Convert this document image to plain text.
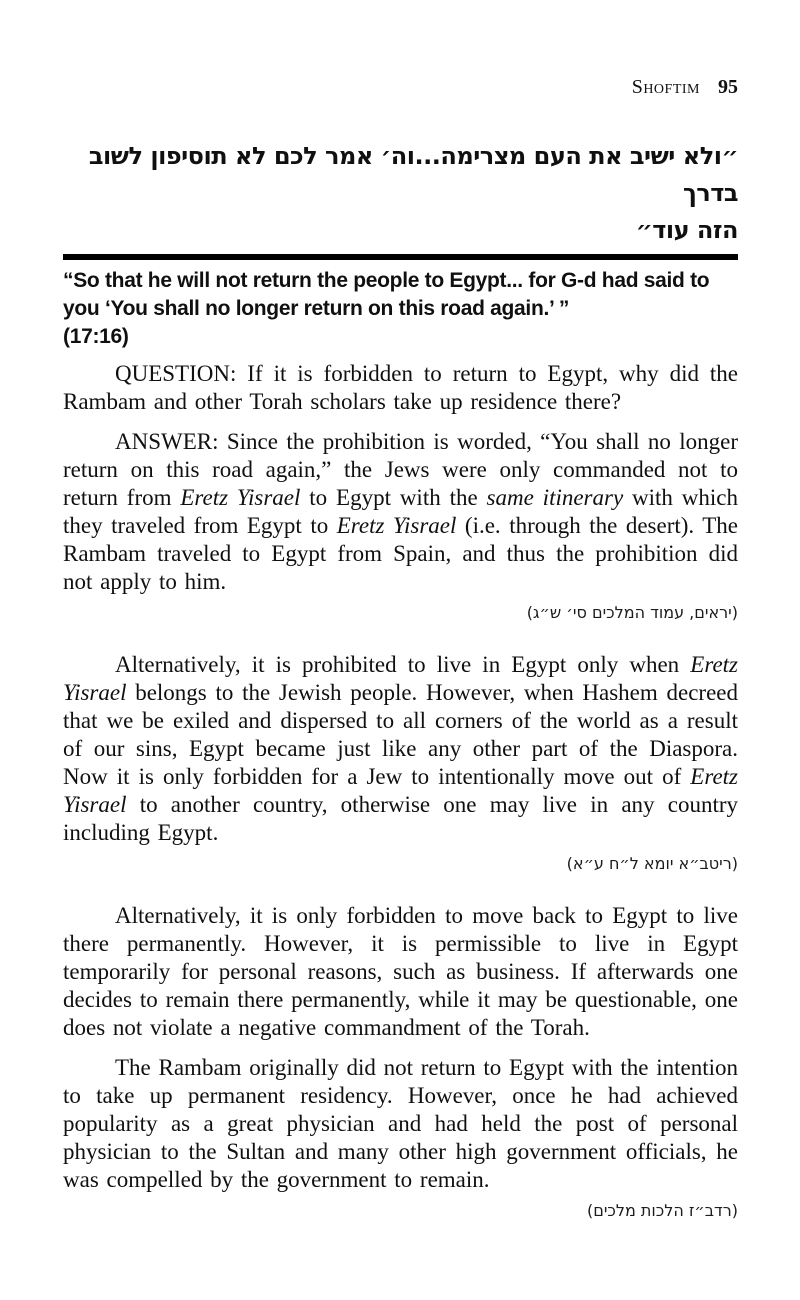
Shoftim 95
״ולא ישיב את העם מצרימה...וה׳ אמר לכם לא תוסיפון לשוב בדרך
הזה עוד״
“So that he will not return the people to Egypt... for G-d had said to you ‘You shall no longer return on this road again.’ ”
(17:16)

QUESTION: If it is forbidden to return to Egypt, why did the Rambam and other Torah scholars take up residence there?

ANSWER: Since the prohibition is worded, “You shall no longer return on this road again,” the Jews were only commanded not to return from Eretz Yisrael to Egypt with the same itinerary with which they traveled from Egypt to Eretz Yisrael (i.e. through the desert). The Rambam traveled to Egypt from Spain, and thus the prohibition did not apply to him.

(יראים, עמוד המלכים סי׳ ש״ג)

Alternatively, it is prohibited to live in Egypt only when Eretz Yisrael belongs to the Jewish people. However, when Hashem decreed that we be exiled and dispersed to all corners of the world as a result of our sins, Egypt became just like any other part of the Diaspora. Now it is only forbidden for a Jew to intentionally move out of Eretz Yisrael to another country, otherwise one may live in any country including Egypt.

(ריטב״א יומא ל״ח ע״א)

Alternatively, it is only forbidden to move back to Egypt to live there permanently. However, it is permissible to live in Egypt temporarily for personal reasons, such as business. If afterwards one decides to remain there permanently, while it may be questionable, one does not violate a negative commandment of the Torah.

The Rambam originally did not return to Egypt with the intention to take up permanent residency. However, once he had achieved popularity as a great physician and had held the post of personal physician to the Sultan and many other high government officials, he was compelled by the government to remain.

(רדב״ז הלכות מלכים)
